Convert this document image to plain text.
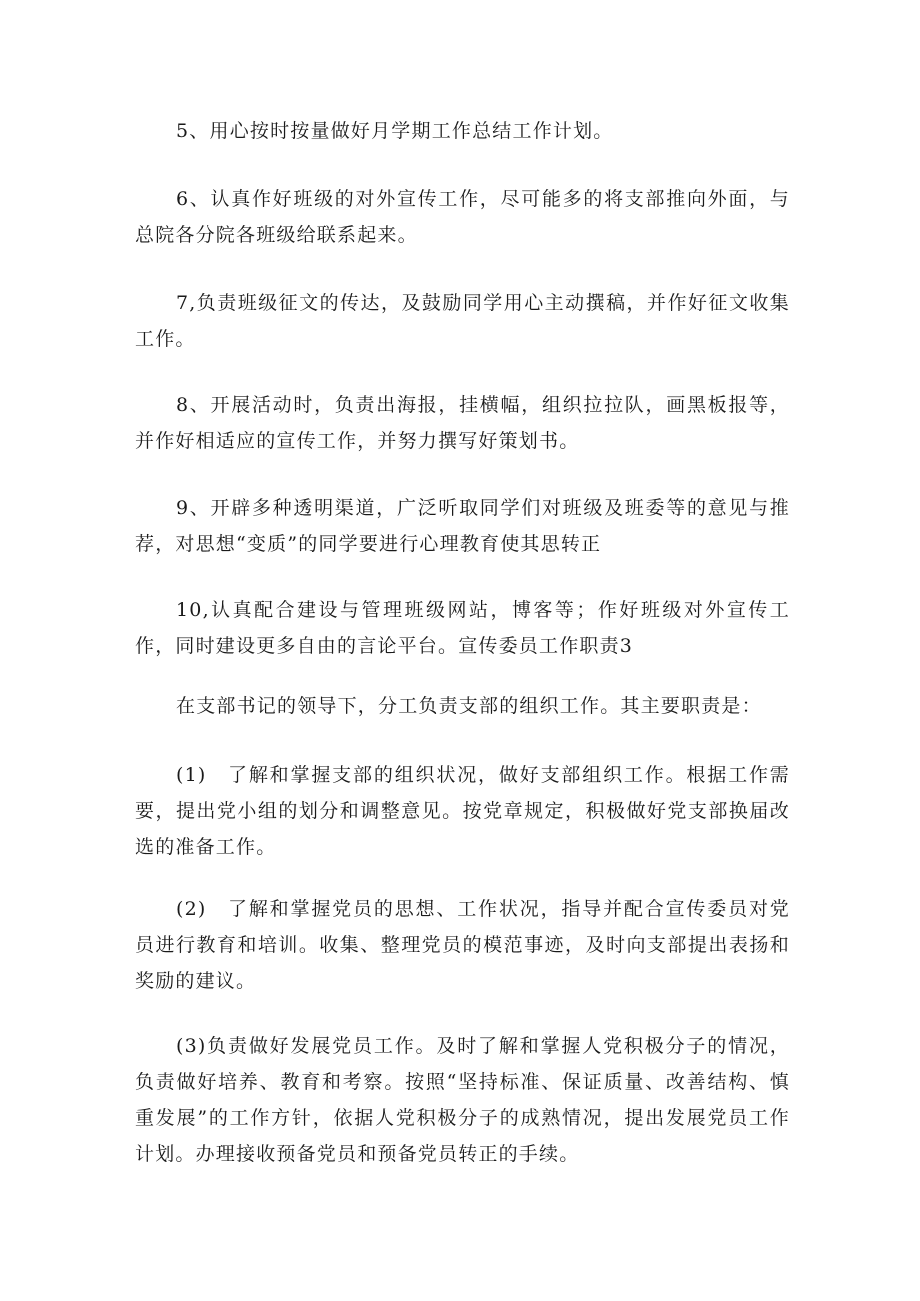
5、用心按时按量做好月学期工作总结工作计划。

6、认真作好班级的对外宣传工作，尽可能多的将支部推向外面，与总院各分院各班级给联系起来。

7,负责班级征文的传达，及鼓励同学用心主动撰稿，并作好征文收集工作。

8、开展活动时，负责出海报，挂横幅，组织拉拉队，画黑板报等，并作好相适应的宣传工作，并努力撰写好策划书。

9、开辟多种透明渠道，广泛听取同学们对班级及班委等的意见与推荐，对思想“变质”的同学要进行心理教育使其思转正

10,认真配合建设与管理班级网站，博客等；作好班级对外宣传工作，同时建设更多自由的言论平台。宣传委员工作职责3

在支部书记的领导下，分工负责支部的组织工作。其主要职责是：

(1)　了解和掌握支部的组织状况，做好支部组织工作。根据工作需要，提出党小组的划分和调整意见。按党章规定，积极做好党支部换届改选的准备工作。

(2)　了解和掌握党员的思想、工作状况，指导并配合宣传委员对党员进行教育和培训。收集、整理党员的模范事迹，及时向支部提出表扬和奖励的建议。

(3)负责做好发展党员工作。及时了解和掌握人党积极分子的情况，负责做好培养、教育和考察。按照“坚持标准、保证质量、改善结构、慎重发展”的工作方针，依据人党积极分子的成熟情况，提出发展党员工作计划。办理接收预备党员和预备党员转正的手续。
